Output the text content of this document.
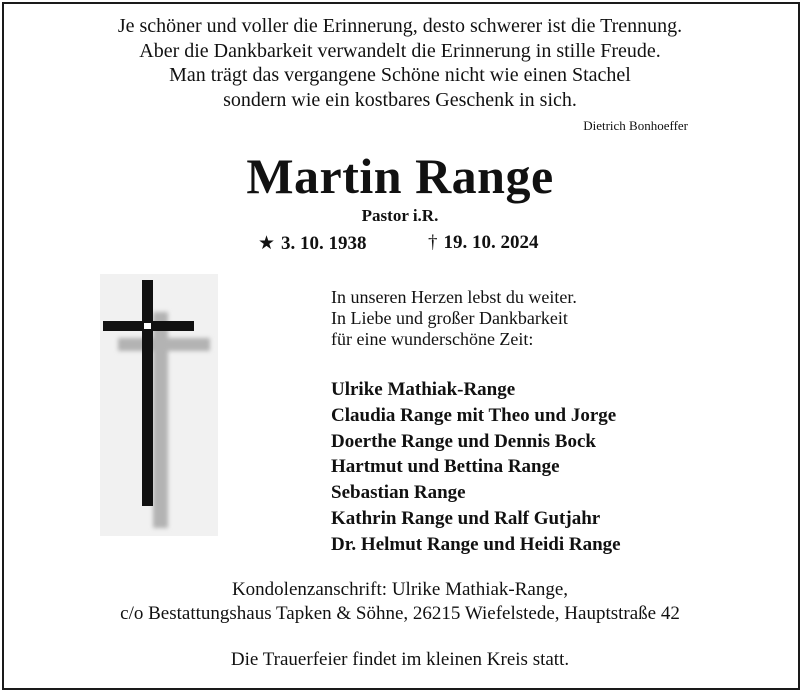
Je schöner und voller die Erinnerung, desto schwerer ist die Trennung.
Aber die Dankbarkeit verwandelt die Erinnerung in stille Freude.
Man trägt das vergangene Schöne nicht wie einen Stachel
sondern wie ein kostbares Geschenk in sich.
Dietrich Bonhoeffer
Martin Range
Pastor i.R.
★ 3. 10. 1938	† 19. 10. 2024
In unseren Herzen lebst du weiter.
In Liebe und großer Dankbarkeit
für eine wunderschöne Zeit:
Ulrike Mathiak-Range
Claudia Range mit Theo und Jorge
Doerthe Range und Dennis Bock
Hartmut und Bettina Range
Sebastian Range
Kathrin Range und Ralf Gutjahr
Dr. Helmut Range und Heidi Range
Kondolenzanschrift: Ulrike Mathiak-Range,
c/o Bestattungshaus Tapken & Söhne, 26215 Wiefelstede, Hauptstraße 42
Die Trauerfeier findet im kleinen Kreis statt.
